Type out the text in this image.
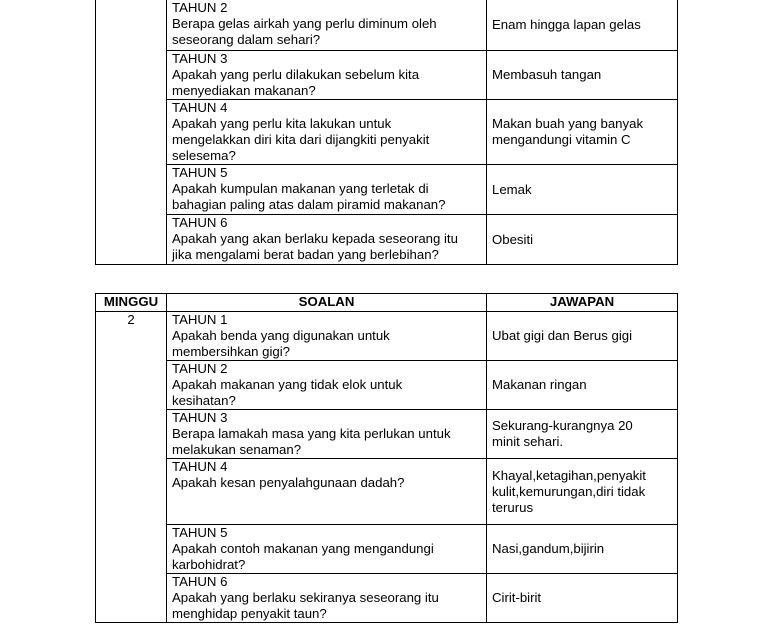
	TAHUN 2
Berapa gelas airkah yang perlu diminum oleh
seseorang dalam sehari?	Enam hingga lapan gelas

	TAHUN 3
Apakah yang perlu dilakukan sebelum kita
menyediakan makanan?	Membasuh tangan

	TAHUN 4
Apakah yang perlu kita lakukan untuk
mengelakkan diri kita dari dijangkiti penyakit
selesema?	Makan buah yang banyak
mengandungi vitamin C

	TAHUN 5
Apakah kumpulan makanan yang terletak di
bahagian paling atas dalam piramid makanan?	Lemak

	TAHUN 6
Apakah yang akan berlaku kepada seseorang itu
jika mengalami berat badan yang berlebihan?	Obesiti
MINGGU	SOALAN	JAWAPAN
2	TAHUN 1
Apakah benda yang digunakan untuk
membersihkan gigi?	Ubat gigi dan Berus gigi

	TAHUN 2
Apakah makanan yang tidak elok untuk
kesihatan?	Makanan ringan

	TAHUN 3
Berapa lamakah masa yang kita perlukan untuk
melakukan senaman?	Sekurang-kurangnya 20
minit sehari.

	TAHUN 4
Apakah kesan penyalahgunaan dadah?	Khayal,ketagihan,penyakit
kulit,kemurungan,diri tidak
terurus

	TAHUN 5
Apakah contoh makanan yang mengandungi
karbohidrat?	Nasi,gandum,bijirin

	TAHUN 6
Apakah yang berlaku sekiranya seseorang itu
menghidap penyakit taun?	Cirit-birit
